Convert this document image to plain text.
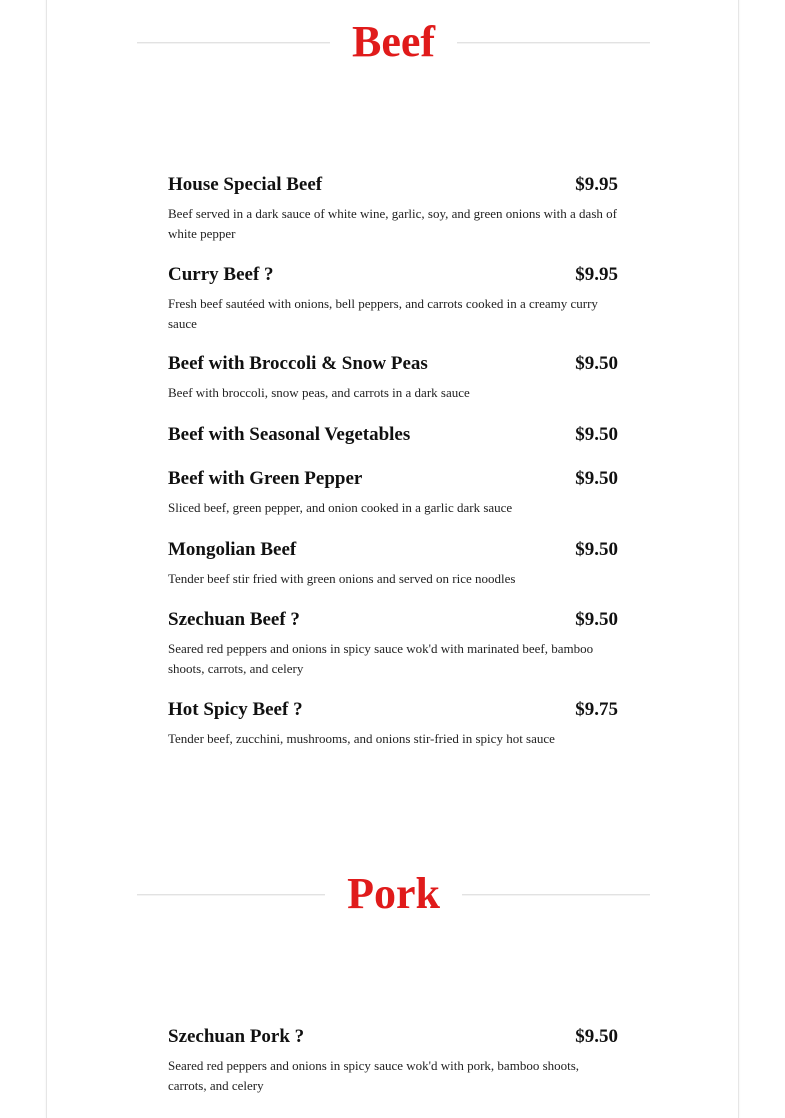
Beef
House Special Beef	$9.95
Beef served in a dark sauce of white wine, garlic, soy, and green onions with a dash of white pepper
Curry Beef ?	$9.95
Fresh beef sautéed with onions, bell peppers, and carrots cooked in a creamy curry sauce
Beef with Broccoli & Snow Peas	$9.50
Beef with broccoli, snow peas, and carrots in a dark sauce
Beef with Seasonal Vegetables	$9.50
Beef with Green Pepper	$9.50
Sliced beef, green pepper, and onion cooked in a garlic dark sauce
Mongolian Beef	$9.50
Tender beef stir fried with green onions and served on rice noodles
Szechuan Beef ?	$9.50
Seared red peppers and onions in spicy sauce wok'd with marinated beef, bamboo shoots, carrots, and celery
Hot Spicy Beef ?	$9.75
Tender beef, zucchini, mushrooms, and onions stir-fried in spicy hot sauce
Pork
Szechuan Pork ?	$9.50
Seared red peppers and onions in spicy sauce wok'd with pork, bamboo shoots, carrots, and celery
